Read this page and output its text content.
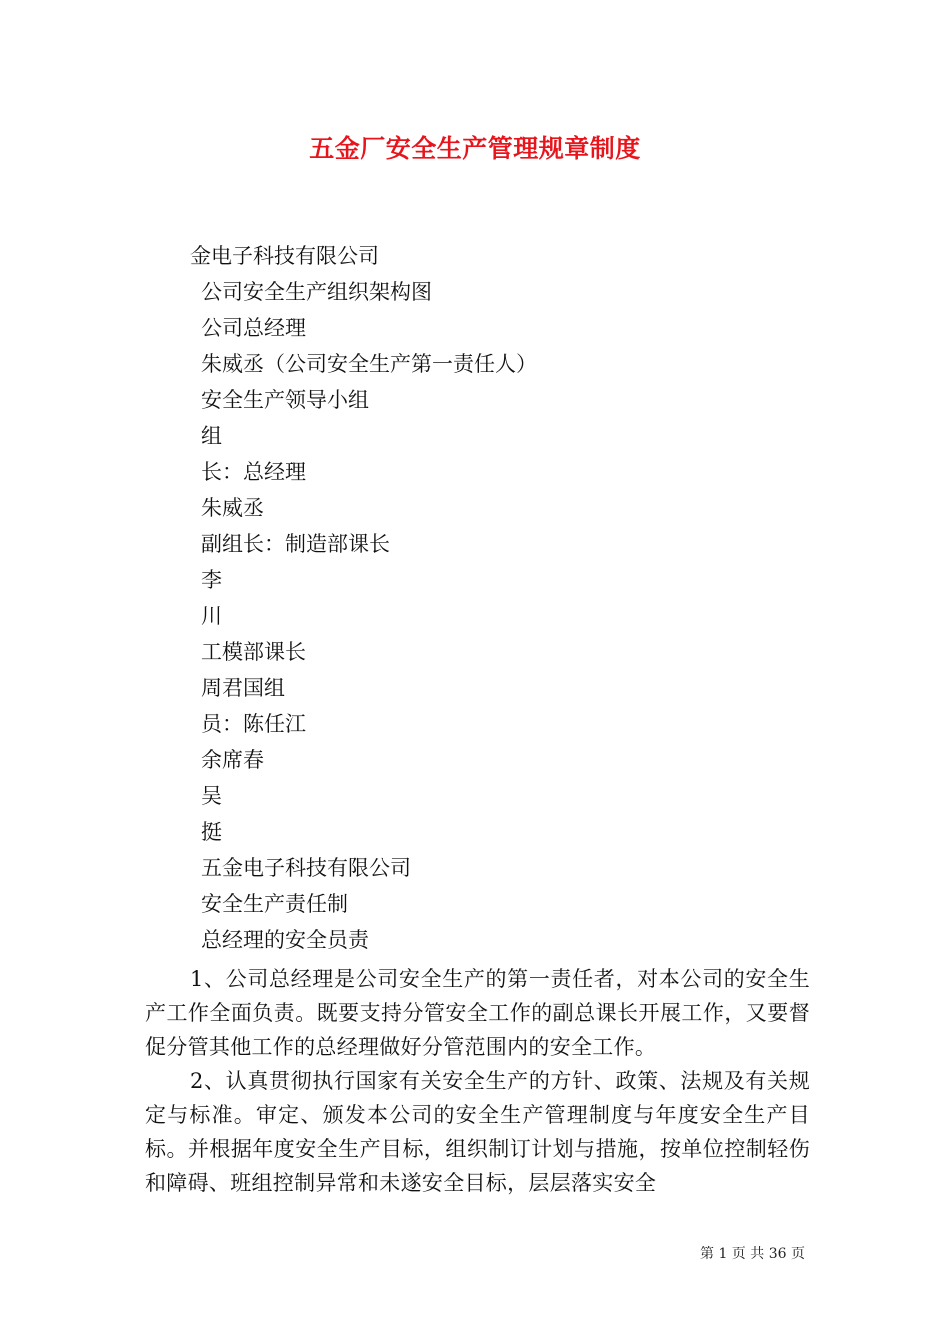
五金厂安全生产管理规章制度
金电子科技有限公司
公司安全生产组织架构图
公司总经理
朱威丞（公司安全生产第一责任人）
安全生产领导小组
组
长：总经理
朱威丞
副组长：制造部课长
李
川
工模部课长
周君国组
员：陈任江
余席春
吴
挺
五金电子科技有限公司
安全生产责任制
总经理的安全员责

1、公司总经理是公司安全生产的第一责任者，对本公司的安全生产工作全面负责。既要支持分管安全工作的副总课长开展工作，又要督促分管其他工作的总经理做好分管范围内的安全工作。

2、认真贯彻执行国家有关安全生产的方针、政策、法规及有关规定与标准。审定、颁发本公司的安全生产管理制度与年度安全生产目标。并根据年度安全生产目标，组织制订计划与措施，按单位控制轻伤和障碍、班组控制异常和未遂安全目标，层层落实安全

第 1 页 共 36 页
